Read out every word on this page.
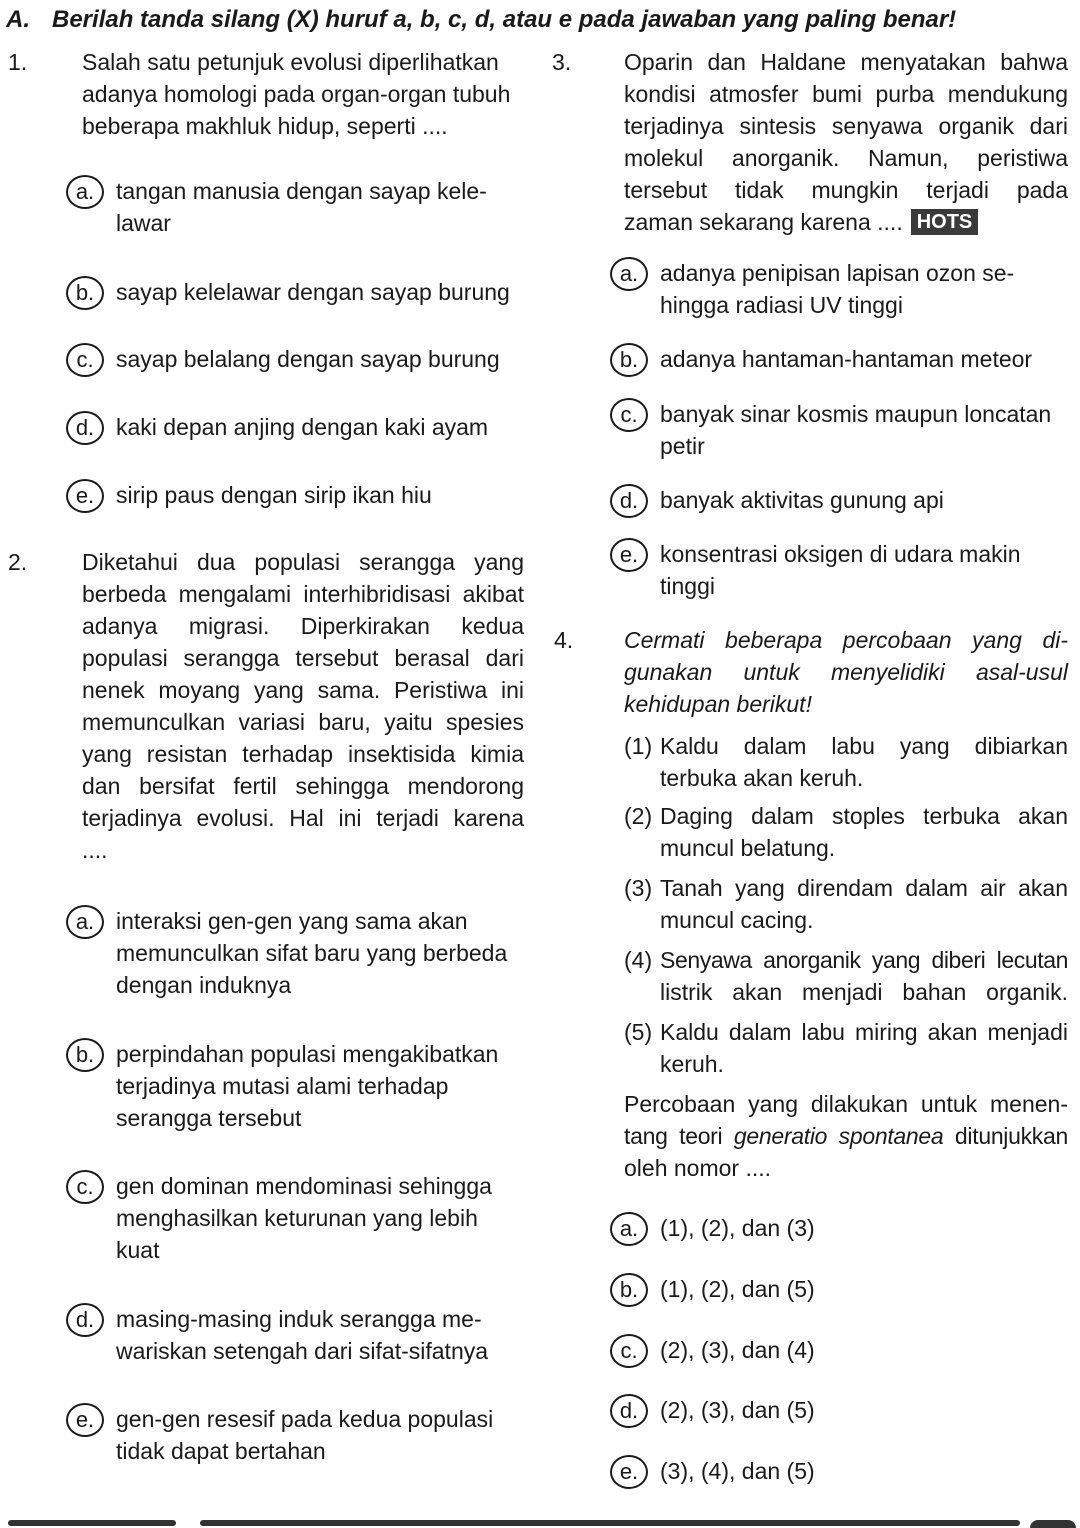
A. Berilah tanda silang (X) huruf a, b, c, d, atau e pada jawaban yang paling benar!
1. Salah satu petunjuk evolusi diperlihatkan
adanya homologi pada organ-organ tubuh
beberapa makhluk hidup, seperti ....
a. tangan manusia dengan sayap kele-
lawar
b. sayap kelelawar dengan sayap burung
c. sayap belalang dengan sayap burung
d. kaki depan anjing dengan kaki ayam
e. sirip paus dengan sirip ikan hiu
2. Diketahui dua populasi serangga yang
berbeda mengalami interhibridisasi akibat
adanya migrasi. Diperkirakan kedua
populasi serangga tersebut berasal dari
nenek moyang yang sama. Peristiwa ini
memunculkan variasi baru, yaitu spesies
yang resistan terhadap insektisida kimia
dan bersifat fertil sehingga mendorong
terjadinya evolusi. Hal ini terjadi karena
....
a. interaksi gen-gen yang sama akan
memunculkan sifat baru yang berbeda
dengan induknya
b. perpindahan populasi mengakibatkan
terjadinya mutasi alami terhadap
serangga tersebut
c. gen dominan mendominasi sehingga
menghasilkan keturunan yang lebih
kuat
d. masing-masing induk serangga me-
wariskan setengah dari sifat-sifatnya
e. gen-gen resesif pada kedua populasi
tidak dapat bertahan
3. Oparin dan Haldane menyatakan bahwa
kondisi atmosfer bumi purba mendukung
terjadinya sintesis senyawa organik dari
molekul anorganik. Namun, peristiwa
tersebut tidak mungkin terjadi pada
zaman sekarang karena .... HOTS
a. adanya penipisan lapisan ozon se-
hingga radiasi UV tinggi
b. adanya hantaman-hantaman meteor
c. banyak sinar kosmis maupun loncatan
petir
d. banyak aktivitas gunung api
e. konsentrasi oksigen di udara makin
tinggi
4. Cermati beberapa percobaan yang di-
gunakan untuk menyelidiki asal-usul
kehidupan berikut!
(1) Kaldu dalam labu yang dibiarkan
terbuka akan keruh.
(2) Daging dalam stoples terbuka akan
muncul belatung.
(3) Tanah yang direndam dalam air akan
muncul cacing.
(4) Senyawa anorganik yang diberi lecutan
listrik akan menjadi bahan organik.
(5) Kaldu dalam labu miring akan menjadi
keruh.
Percobaan yang dilakukan untuk menen-
tang teori generatio spontanea ditunjukkan
oleh nomor ....
a. (1), (2), dan (3)
b. (1), (2), dan (5)
c. (2), (3), dan (4)
d. (2), (3), dan (5)
e. (3), (4), dan (5)
